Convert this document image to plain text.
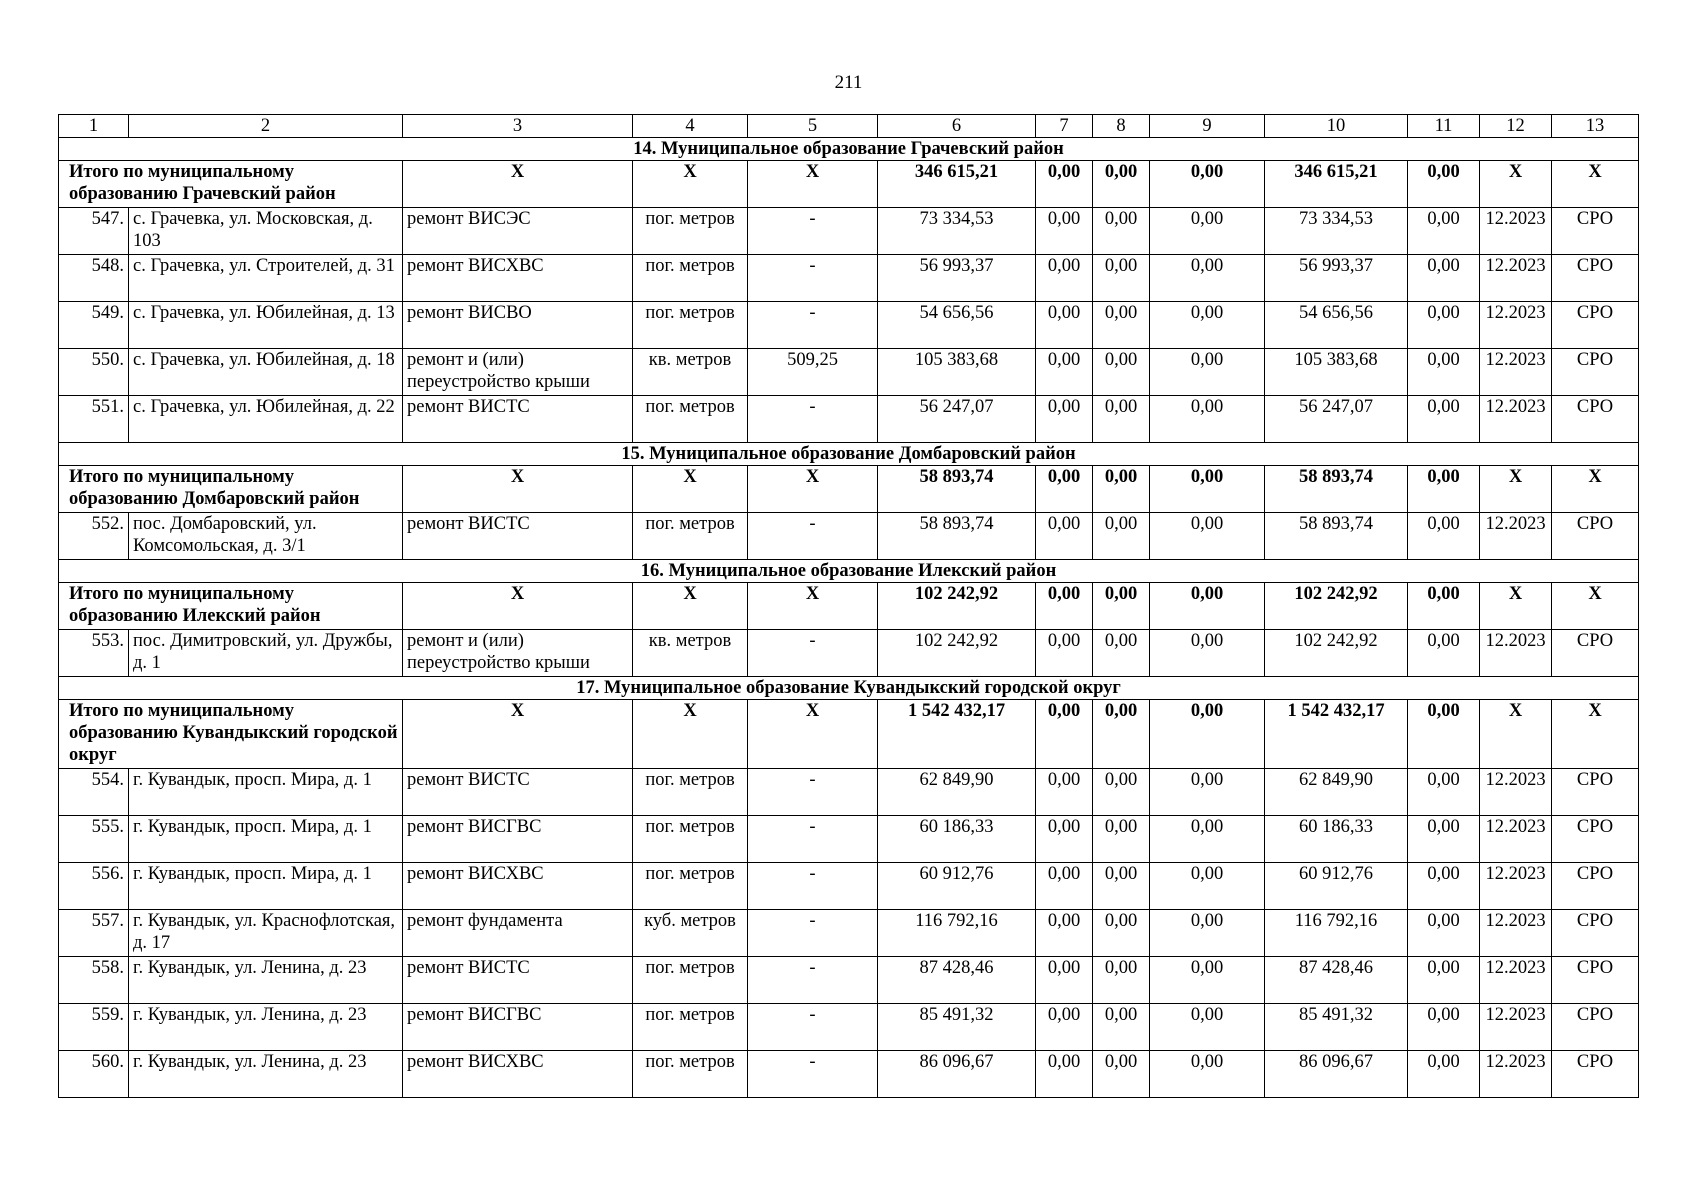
211
1	2	3	4	5	6	7	8	9	10	11	12	13
14. Муниципальное образование Грачевский район												
Итого по муниципальному образованию Грачевский район		Х	Х	Х	346 615,21	0,00	0,00	0,00	346 615,21	0,00	Х	Х
547.	с. Грачевка, ул. Московская, д. 103	ремонт ВИСЭС	пог. метров	-	73 334,53	0,00	0,00	0,00	73 334,53	0,00	12.2023	СРО
548.	с. Грачевка, ул. Строителей, д. 31	ремонт ВИСХВС	пог. метров	-	56 993,37	0,00	0,00	0,00	56 993,37	0,00	12.2023	СРО
549.	с. Грачевка, ул. Юбилейная, д. 13	ремонт ВИСВО	пог. метров	-	54 656,56	0,00	0,00	0,00	54 656,56	0,00	12.2023	СРО
550.	с. Грачевка, ул. Юбилейная, д. 18	ремонт и (или) переустройство крыши	кв. метров	509,25	105 383,68	0,00	0,00	0,00	105 383,68	0,00	12.2023	СРО
551.	с. Грачевка, ул. Юбилейная, д. 22	ремонт ВИСТС	пог. метров	-	56 247,07	0,00	0,00	0,00	56 247,07	0,00	12.2023	СРО
15. Муниципальное образование Домбаровский район												
Итого по муниципальному образованию Домбаровский район		Х	Х	Х	58 893,74	0,00	0,00	0,00	58 893,74	0,00	Х	Х
552.	пос. Домбаровский, ул. Комсомольская, д. 3/1	ремонт ВИСТС	пог. метров	-	58 893,74	0,00	0,00	0,00	58 893,74	0,00	12.2023	СРО
16. Муниципальное образование Илекский район												
Итого по муниципальному образованию Илекский район		Х	Х	Х	102 242,92	0,00	0,00	0,00	102 242,92	0,00	Х	Х
553.	пос. Димитровский, ул. Дружбы, д. 1	ремонт и (или) переустройство крыши	кв. метров	-	102 242,92	0,00	0,00	0,00	102 242,92	0,00	12.2023	СРО
17. Муниципальное образование Кувандыкский городской округ												
Итого по муниципальному образованию Кувандыкский городской округ		Х	Х	Х	1 542 432,17	0,00	0,00	0,00	1 542 432,17	0,00	Х	Х
554.	г. Кувандык, просп. Мира, д. 1	ремонт ВИСТС	пог. метров	-	62 849,90	0,00	0,00	0,00	62 849,90	0,00	12.2023	СРО
555.	г. Кувандык, просп. Мира, д. 1	ремонт ВИСГВС	пог. метров	-	60 186,33	0,00	0,00	0,00	60 186,33	0,00	12.2023	СРО
556.	г. Кувандык, просп. Мира, д. 1	ремонт ВИСХВС	пог. метров	-	60 912,76	0,00	0,00	0,00	60 912,76	0,00	12.2023	СРО
557.	г. Кувандык, ул. Краснофлотская, д. 17	ремонт фундамента	куб. метров	-	116 792,16	0,00	0,00	0,00	116 792,16	0,00	12.2023	СРО
558.	г. Кувандык, ул. Ленина, д. 23	ремонт ВИСТС	пог. метров	-	87 428,46	0,00	0,00	0,00	87 428,46	0,00	12.2023	СРО
559.	г. Кувандык, ул. Ленина, д. 23	ремонт ВИСГВС	пог. метров	-	85 491,32	0,00	0,00	0,00	85 491,32	0,00	12.2023	СРО
560.	г. Кувандык, ул. Ленина, д. 23	ремонт ВИСХВС	пог. метров	-	86 096,67	0,00	0,00	0,00	86 096,67	0,00	12.2023	СРО
